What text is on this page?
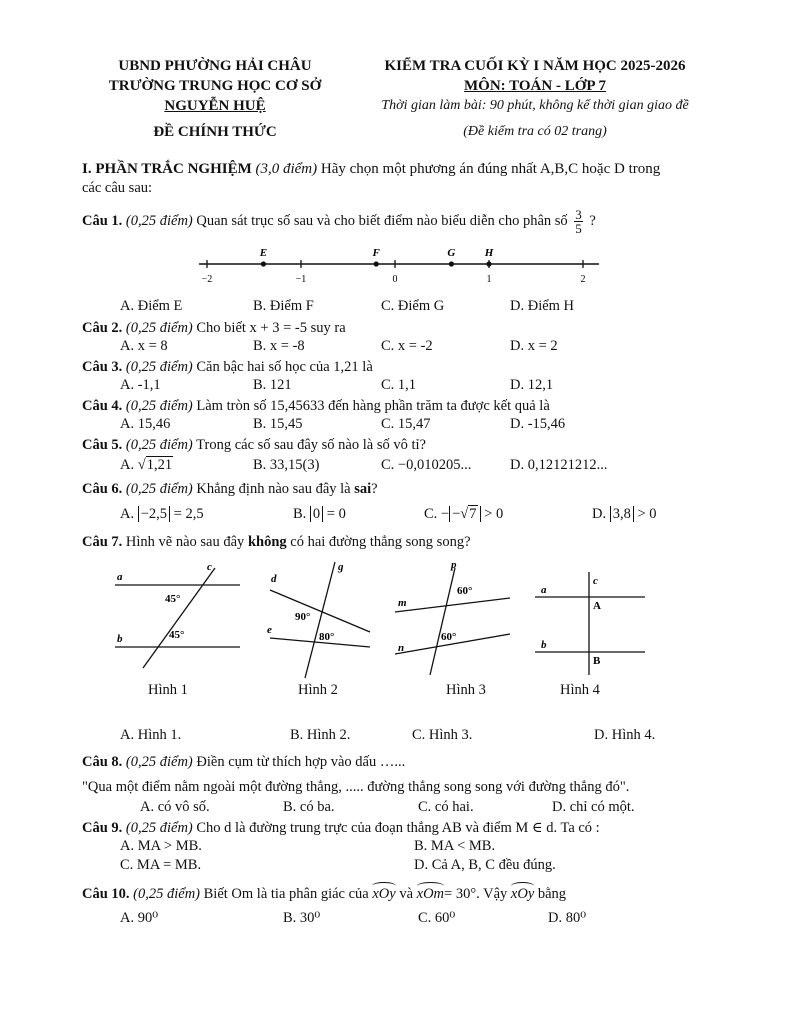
UBND PHƯỜNG HẢI CHÂU
TRƯỜNG TRUNG HỌC CƠ SỞ
NGUYỄN HUỆ
ĐỀ CHÍNH THỨC
KIỂM TRA CUỐI KỲ I NĂM HỌC 2025-2026
MÔN: TOÁN - LỚP 7
Thời gian làm bài: 90 phút, không kể thời gian giao đề
(Đề kiểm tra có 02 trang)
I. PHẦN TRẮC NGHIỆM (3,0 điểm) Hãy chọn một phương án đúng nhất A,B,C hoặc D trong
các câu sau:
Câu 1. (0,25 điểm) Quan sát trục số sau và cho biết điểm nào biểu diễn cho phân số $\frac{3}{5}$ ?
−2	−1	0	1	2
E	F	G	H
A. Điểm E	B. Điểm F	C. Điểm G	D. Điểm H
Câu 2. (0,25 điểm) Cho biết x + 3 = -5 suy ra
A. x = 8	B. x = -8	C. x = -2	D. x = 2
Câu 3. (0,25 điểm) Căn bậc hai số học của 1,21 là
A. -1,1	B. 121	C. 1,1	D. 12,1
Câu 4. (0,25 điểm) Làm tròn số 15,45633 đến hàng phần trăm ta được kết quả là
A. 15,46	B. 15,45	C. 15,47	D. -15,46
Câu 5. (0,25 điểm) Trong các số sau đây số nào là số vô tỉ?
A. √1,21	B. 33,15(3)	C. −0,010205...	D. 0,12121212...
Câu 6. (0,25 điểm) Khẳng định nào sau đây là sai?
A. −2,5 = 2,5	B. 0 = 0	C. − −√7 > 0	D. 3,8 > 0
Câu 7. Hình vẽ nào sau đây không có hai đường thẳng song song?
a
b
c
45°
45°
d
e
g
90°
80°
p
m
n
60°
60°
a
b
c
A
B
Hình 1	Hình 2	Hình 3	Hình 4
A. Hình 1.	B. Hình 2.	C. Hình 3.	D. Hình 4.
Câu 8. (0,25 điểm) Điền cụm từ thích hợp vào dấu …...
"Qua một điểm nằm ngoài một đường thẳng, ..... đường thẳng song song với đường thẳng đó".
A. có vô số.	B. có ba.	C. có hai.	D. chỉ có một.
Câu 9. (0,25 điểm) Cho d là đường trung trực của đoạn thẳng AB và điểm M ∈ d. Ta có :
A. MA > MB.	B. MA < MB.
C. MA = MB.	D. Cả A, B, C đều đúng.
Câu 10. (0,25 điểm) Biết Om là tia phân giác của xOy và xOm= 30°. Vậy xOy bằng
A. 90⁰	B. 30⁰	C. 60⁰	D. 80⁰
